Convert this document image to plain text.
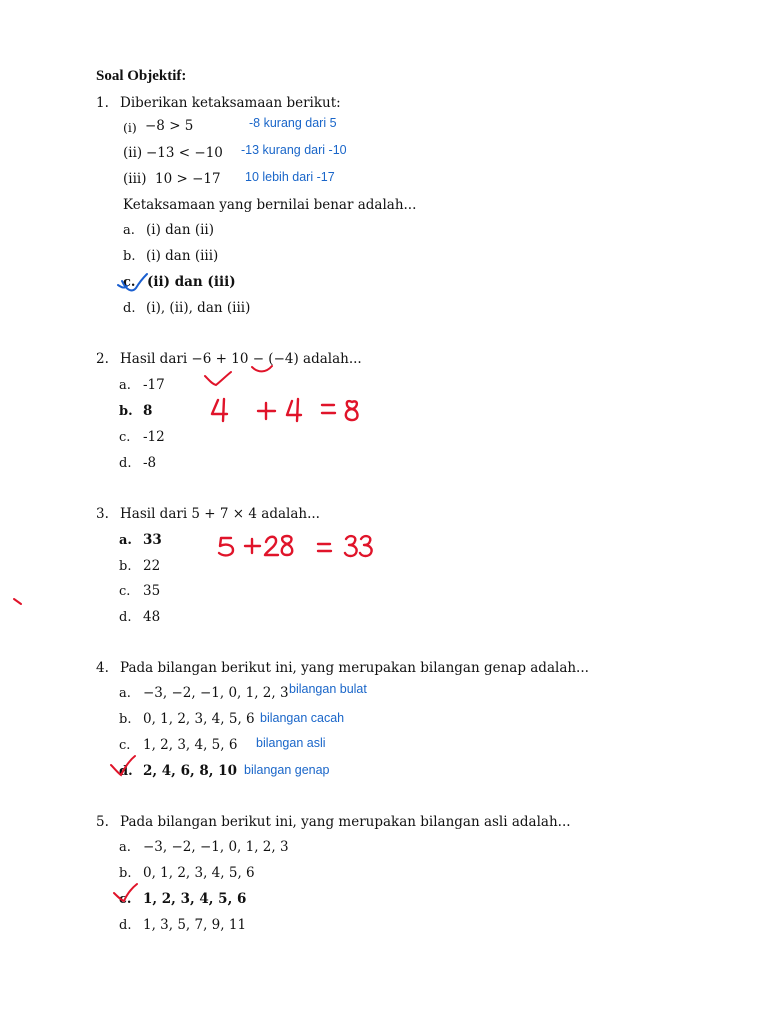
Soal Objektif:
1. Diberikan ketaksamaan berikut:
(i) −8 > 5	-8 kurang dari 5
(ii) −13 < −10 -13 kurang dari -10
(iii) 10 > −17 10 lebih dari -17
Ketaksamaan yang bernilai benar adalah...
a. (i) dan (ii)
b. (i) dan (iii)
c. (ii) dan (iii)
d. (i), (ii), dan (iii)
2. Hasil dari −6 + 10 − (−4) adalah...
a. -17
b. 8
c. -12
d. -8
3. Hasil dari 5 + 7 × 4 adalah...
a. 33
b. 22
c. 35
d. 48
4. Pada bilangan berikut ini, yang merupakan bilangan genap adalah...
a. −3, −2, −1, 0, 1, 2, 3 bilangan bulat
b. 0, 1, 2, 3, 4, 5, 6 bilangan cacah
c. 1, 2, 3, 4, 5, 6 bilangan asli
d. 2, 4, 6, 8, 10 bilangan genap
5. Pada bilangan berikut ini, yang merupakan bilangan asli adalah...
a. −3, −2, −1, 0, 1, 2, 3
b. 0, 1, 2, 3, 4, 5, 6
c. 1, 2, 3, 4, 5, 6
d. 1, 3, 5, 7, 9, 11
